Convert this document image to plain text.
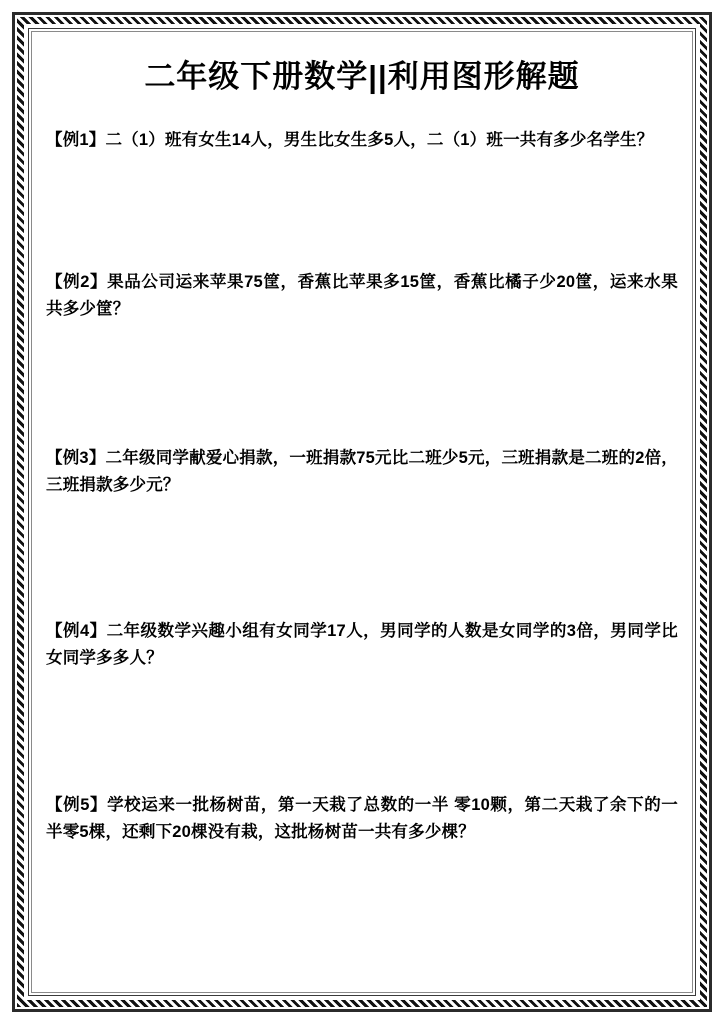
二年级下册数学||利用图形解题

【例1】二（1）班有女生14人，男生比女生多5人，二（1）班一共有多少名学生？

【例2】果品公司运来苹果75筐，香蕉比苹果多15筐，香蕉比橘子少20筐，运来水果共多少筐？

【例3】二年级同学献爱心捐款，一班捐款75元比二班少5元，三班捐款是二班的2倍，三班捐款多少元？

【例4】二年级数学兴趣小组有女同学17人，男同学的人数是女同学的3倍，男同学比女同学多多人？

【例5】学校运来一批杨树苗，第一天栽了总数的一半 零10颗，第二天栽了余下的一半零5棵，还剩下20棵没有栽，这批杨树苗一共有多少棵？
